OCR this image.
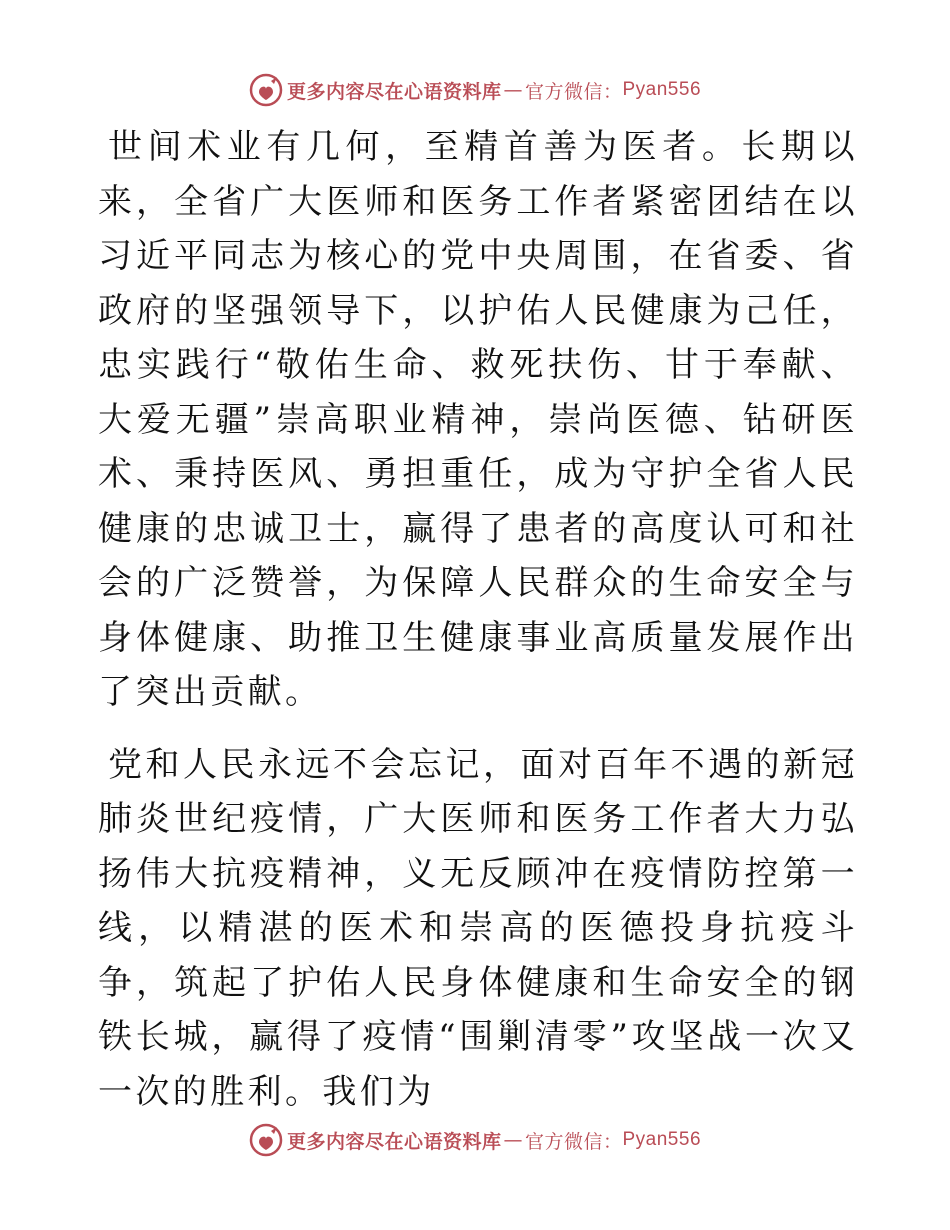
更多内容尽在心语资料库 — 官方微信： Pyan556

世间术业有几何，至精首善为医者。长期以来，全省广大医师和医务工作者紧密团结在以习近平同志为核心的党中央周围，在省委、省政府的坚强领导下，以护佑人民健康为己任，忠实践行“敬佑生命、救死扶伤、甘于奉献、大爱无疆”崇高职业精神，崇尚医德、钻研医术、秉持医风、勇担重任，成为守护全省人民健康的忠诚卫士，赢得了患者的高度认可和社会的广泛赞誉，为保障人民群众的生命安全与身体健康、助推卫生健康事业高质量发展作出了突出贡献。

党和人民永远不会忘记，面对百年不遇的新冠肺炎世纪疫情，广大医师和医务工作者大力弘扬伟大抗疫精神，义无反顾冲在疫情防控第一线，以精湛的医术和崇高的医德投身抗疫斗争，筑起了护佑人民身体健康和生命安全的钢铁长城，赢得了疫情“围剿清零”攻坚战一次又一次的胜利。我们为

更多内容尽在心语资料库 — 官方微信： Pyan556
